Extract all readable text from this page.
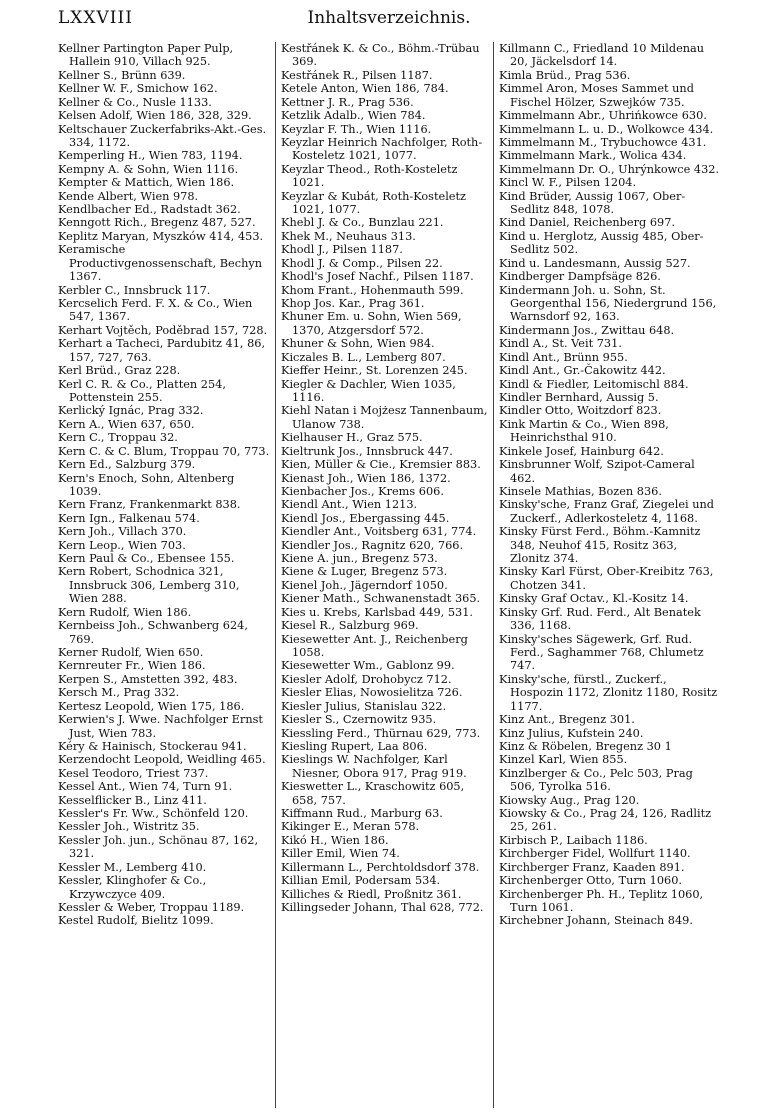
LXXVIII	Inhaltsverzeichnis.
Kellner Partington Paper Pulp, Hallein 910, Villach 925.
Kellner S., Brünn 639.
Kellner W. F., Smichow 162.
Kellner & Co., Nusle 1133.
Kelsen Adolf, Wien 186, 328, 329.
Keltschauer Zuckerfabriks-Akt.-Ges. 334, 1172.
Kemperling H., Wien 783, 1194.
Kempny A. & Sohn, Wien 1116.
Kempter & Mattich, Wien 186.
Kende Albert, Wien 978.
Kendlbacher Ed., Radstadt 362.
Kenngott Rich., Bregenz 487, 527.
Keplitz Maryan, Myszków 414, 453.
Keramische Productivgenossenschaft, Bechyn 1367.
Kerbler C., Innsbruck 117.
Kercselich Ferd. F. X. & Co., Wien 547, 1367.
Kerhart Vojtěch, Poděbrad 157, 728.
Kerhart a Tacheci, Pardubitz 41, 86, 157, 727, 763.
Kerl Brüd., Graz 228.
Kerl C. R. & Co., Platten 254, Pottenstein 255.
Kerlický Ignác, Prag 332.
Kern A., Wien 637, 650.
Kern C., Troppau 32.
Kern C. & C. Blum, Troppau 70, 773.
Kern Ed., Salzburg 379.
Kern's Enoch, Sohn, Altenberg 1039.
Kern Franz, Frankenmarkt 838.
Kern Ign., Falkenau 574.
Kern Joh., Villach 370.
Kern Leop., Wien 703.
Kern Paul & Co., Ebensee 155.
Kern Robert, Schodnica 321, Innsbruck 306, Lemberg 310, Wien 288.
Kern Rudolf, Wien 186.
Kernbeiss Joh., Schwanberg 624, 769.
Kerner Rudolf, Wien 650.
Kernreuter Fr., Wien 186.
Kerpen S., Amstetten 392, 483.
Kersch M., Prag 332.
Kertesz Leopold, Wien 175, 186.
Kerwien's J. Wwe. Nachfolger Ernst Just, Wien 783.
Kéry & Hainisch, Stockerau 941.
Kerzendocht Leopold, Weidling 465.
Kesel Teodoro, Triest 737.
Kessel Ant., Wien 74, Turn 91.
Kesselflicker B., Linz 411.
Kessler's Fr. Ww., Schönfeld 120.
Kessler Joh., Wistritz 35.
Kessler Joh. jun., Schönau 87, 162, 321.
Kessler M., Lemberg 410.
Kessler, Klinghofer & Co., Krzywczyce 409.
Kessler & Weber, Troppau 1189.
Kestel Rudolf, Bielitz 1099.
Kestřánek K. & Co., Böhm.-Trübau 369.
Kestřánek R., Pilsen 1187.
Ketele Anton, Wien 186, 784.
Kettner J. R., Prag 536.
Ketzlik Adalb., Wien 784.
Keyzlar F. Th., Wien 1116.
Keyzlar Heinrich Nachfolger, Roth-Kosteletz 1021, 1077.
Keyzlar Theod., Roth-Kosteletz 1021.
Keyzlar & Kubát, Roth-Kosteletz 1021, 1077.
Khebl J. & Co., Bunzlau 221.
Khek M., Neuhaus 313.
Khodl J., Pilsen 1187.
Khodl J. & Comp., Pilsen 22.
Khodl's Josef Nachf., Pilsen 1187.
Khom Frant., Hohenmauth 599.
Khop Jos. Kar., Prag 361.
Khuner Em. u. Sohn, Wien 569, 1370, Atzgersdorf 572.
Khuner & Sohn, Wien 984.
Kiczales B. L., Lemberg 807.
Kieffer Heinr., St. Lorenzen 245.
Kiegler & Dachler, Wien 1035, 1116.
Kiehl Natan i Mojżesz Tannenbaum, Ulanow 738.
Kielhauser H., Graz 575.
Kieltrunk Jos., Innsbruck 447.
Kien, Müller & Cie., Kremsier 883.
Kienast Joh., Wien 186, 1372.
Kienbacher Jos., Krems 606.
Kiendl Ant., Wien 1213.
Kiendl Jos., Ebergassing 445.
Kiendler Ant., Voitsberg 631, 774.
Kiendler Jos., Ragnitz 620, 766.
Kiene A. jun., Bregenz 573.
Kiene & Luger, Bregenz 573.
Kienel Joh., Jägerndorf 1050.
Kiener Math., Schwanenstadt 365.
Kies u. Krebs, Karlsbad 449, 531.
Kiesel R., Salzburg 969.
Kiesewetter Ant. J., Reichenberg 1058.
Kiesewetter Wm., Gablonz 99.
Kiesler Adolf, Drohobycz 712.
Kiesler Elias, Nowosielitza 726.
Kiesler Julius, Stanislau 322.
Kiesler S., Czernowitz 935.
Kiessling Ferd., Thürnau 629, 773.
Kiesling Rupert, Laa 806.
Kieslings W. Nachfolger, Karl Niesner, Obora 917, Prag 919.
Kieswetter L., Kraschowitz 605, 658, 757.
Kiffmann Rud., Marburg 63.
Kikinger E., Meran 578.
Kikó H., Wien 186.
Killer Emil, Wien 74.
Killermann L., Perchtoldsdorf 378.
Killian Emil, Podersam 534.
Killiches & Riedl, Proßnitz 361.
Killingseder Johann, Thal 628, 772.
Killmann C., Friedland 10 Mildenau 20, Jäckelsdorf 14.
Kimla Brüd., Prag 536.
Kimmel Aron, Moses Sammet und Fischel Hölzer, Szwejków 735.
Kimmelmann Abr., Uhrińkowce 630.
Kimmelmann L. u. D., Wolkowce 434.
Kimmelmann M., Trybuchowce 431.
Kimmelmann Mark., Wolica 434.
Kimmelmann Dr. O., Uhrýnkowce 432.
Kincl W. F., Pilsen 1204.
Kind Brüder, Aussig 1067, Ober-Sedlitz 848, 1078.
Kind Daniel, Reichenberg 697.
Kind u. Herglotz, Aussig 485, Ober-Sedlitz 502.
Kind u. Landesmann, Aussig 527.
Kindberger Dampfsäge 826.
Kindermann Joh. u. Sohn, St. Georgenthal 156, Niedergrund 156, Warnsdorf 92, 163.
Kindermann Jos., Zwittau 648.
Kindl A., St. Veit 731.
Kindl Ant., Brünn 955.
Kindl Ant., Gr.-Čakowitz 442.
Kindl & Fiedler, Leitomischl 884.
Kindler Bernhard, Aussig 5.
Kindler Otto, Woitzdorf 823.
Kink Martin & Co., Wien 898, Heinrichsthal 910.
Kinkele Josef, Hainburg 642.
Kinsbrunner Wolf, Szipot-Cameral 462.
Kinsele Mathias, Bozen 836.
Kinsky'sche, Franz Graf, Ziegelei und Zuckerf., Adlerkosteletz 4, 1168.
Kinsky Fürst Ferd., Böhm.-Kamnitz 348, Neuhof 415, Rositz 363, Zlonitz 374.
Kinsky Karl Fürst, Ober-Kreibitz 763, Chotzen 341.
Kinsky Graf Octav., Kl.-Kositz 14.
Kinsky Grf. Rud. Ferd., Alt Benatek 336, 1168.
Kinsky'sches Sägewerk, Grf. Rud. Ferd., Saghammer 768, Chlumetz 747.
Kinsky'sche, fürstl., Zuckerf., Hospozin 1172, Zlonitz 1180, Rositz 1177.
Kinz Ant., Bregenz 301.
Kinz Julius, Kufstein 240.
Kinz & Röbelen, Bregenz 30 1
Kinzel Karl, Wien 855.
Kinzlberger & Co., Pelc 503, Prag 506, Tyrolka 516.
Kiowsky Aug., Prag 120.
Kiowsky & Co., Prag 24, 126, Radlitz 25, 261.
Kirbisch P., Laibach 1186.
Kirchberger Fidel, Wollfurt 1140.
Kirchberger Franz, Kaaden 891.
Kirchenberger Otto, Turn 1060.
Kirchenberger Ph. H., Teplitz 1060, Turn 1061.
Kirchebner Johann, Steinach 849.
